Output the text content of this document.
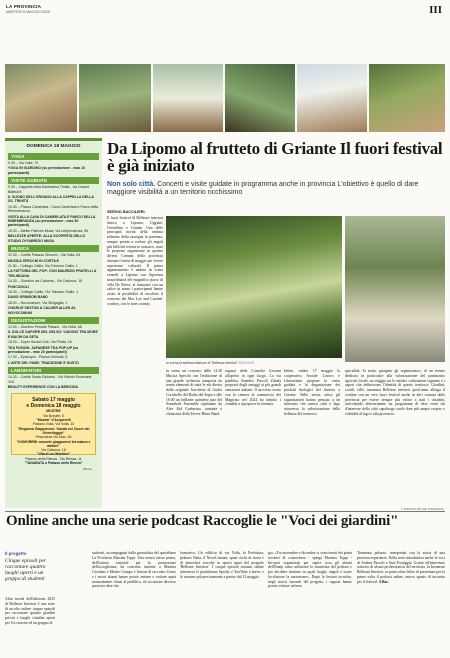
LA PROVINCIA
MARTEDÌ 6 MAGGIO 2025	III
DOMENICA 18 MAGGIO
YOGA
9.30 – Via Volta, 70
YOGA IN GIARDINO (su prenotazione - max 10 partecipanti)
VISITE GUIDATE
9.30 – Cappella della Santissima Trinità - via Cesare Battisti 8
IL SUONO DELL'ORGANO ALLA CAPPELLA DELLA SS. TRINITÀ
10.30 – Piazza Camerlata - Cava Camerlata e Parco della Rimembranza
VISITA ALLA CAVA DI CAMERLATA E PARCO DELLA RIMEMBRANZA (su prenotazione - max 30 partecipanti)
15.00 – Atelier Fabrizio Musa, Via Indipendenza, 55
BELLEZZE APERTE: ALLA SCOPERTA DELLO STUDIO DI FABRIZIO MUSA
MUSICA
10.30 – Cortile Palazzo Sbucchi - Via Volta, 84
MUSICA SPECCHI IN CORTILE
11.30 – Collegio Gallio: Via Tolomeo Gallio, 1
LA FATTORIA DEL POP: CON MAURIZIO PRATELLI & TIRLINDANA
14.30 – Giardino via Cadorna - Via Cadorna, 18
FUNCODOLI
16.30 – Collegio Gallio, Via Tolomeo Gallio, 1
DAVID GRIMSOM BAND
18.00 – Novocomum, Via Sinigaglia, 1
CHARLIE SEXTON & CALDER ALLEN AL NOVOCOMUM
DEGUSTAZIONI
12.00 – Giardino Persale Palazzi - Via Volta, 68
IL DOLCE SAPORE DEL GELSO: VIAGGIO TRA MORE E BACHI DA SETA
15.00 – Super Social Club, Via Pretta, 16
TEA FUSION: JAPANESE TEA POP-UP (su prenotazione - max 20 partecipanti)
17.00 – Episcopio - Piazza Grimoldi, 5
L'ARTE DEL PANE: TRADIZIONE E GUSTO
LABORATORI
14.30 – Cortile Santa Giuliana - Via Vittorio Emanuele, 104
BEAUTY EXPERIENCE CON LA BERICINA
Sabato 17 maggio
e Domenica 18 maggio
MOSTRE
Via Borsieri, 5
"Mostra" d'Acquerelli
Palazzo Volta, Via Volta, 10
"Eleganza Giapponese: Yukata nel Cuore del Gemellaggio"
Pinacoteca Via Diaz, 84
"KOMOREBI: armonie giapponesi tra natura e abitare"
Via Cadorna, 18
"Vita di un Giardino"
Palazzo della Rienza - Via Rienza, 11
"TANABATA a Palazzo della Rienza"
IBAnte
Da Lipomo al frutteto di Griante Il fuori festival è già iniziato
Non solo città. Concerti e visite guidate in programma anche in provincia L'obiettivo è quello di dare maggiore visibilità a un territorio ricchissimo
SERGIO BACCILIERI
Il fuori festival di Bellezze interiori sbarca a Lipomo, Uggiate, Cernobbio e Griante. Una delle principali novità della settima edizione della rassegna in partenza, sempre pronta a svelare gli angoli più belli del territorio comasco, sono le proposte organizzate in quattro diversi Comuni della provincia durante il mese di maggio per vivere esperienze culturali. Il primo appuntamento è andato in scena venerdì a Lipomo con l'apertura straordinaria del magnifico parco di villa De Rieva, al tramonto con un calice in mano i partecipanti hanno avuto la possibilità di ascoltare il concerto dei Mac Lee and Carmen' cowboy, con le note country.
In scena la settima edizione di "Bellezze interiori" ARCHIVIO
in scena un concerto delle 14.30 Musica Specchi con l'esibizione di una grande orchestra composta da trenta elementi di tutte le età diretta dalla originale bacchetta di Giulia Corichello del Badia del Sepia e alle 16.00 un brillante quintetto jazz del Senzabale Ensemble capitanato da Alex Kid Garbarino, cantante e chitarrista della Tevere Blues Band.
ragazzi della Consulta Giovani all'aperto in ogni luogo. La via pubblica Amedeo Pascoli Zabala proporrà degli omaggi ai più grandi cantautori italiani. Il successo avuto con la camera di commercio dei Magicato nel 2024 ha indotto i cittadini a riproporre la formula.
Infine, sabato 17 maggio la cooperativa Sociale Lavoro e Liberazione propone la visita guidata e la degustazione dei prodotti biologici del frutteto a Griante. Nella stessa ottica gli organizzatori hanno pensato a un itinerario che unisca città e lago attraverso la valorizzazione della bellezza del territorio.
specialità. Si tratta, spiegano gli organizzatori, di un evento dedicato in particolare alla valorizzazione del patrimonio agricolo locale, un viaggio tra le antiche coltivazioni vigneate e i sapori che definiscono l'identità di questo territorio. Giardini, cortili, ville, insomma Bellezze interiori quest'anno allarga il confine con un vero fuori festival anche in altri comuni della provincia per essere sempre più vicino a tutti i cittadini, arricchendo ulteriormente un programma di oltre venti siti d'interesse della città capoluogo vuole dare più ampio respiro e visibilità al lago e alla provincia.
© RIPRODUZIONE RISERVATA
Online anche una serie podcast Raccoglie le "Voci dei giardini"
Il progetto
Cinque episodi per raccontare quattro luoghi aperti e un gruppo di studenti
Altra novità dell'edizione 2025 di Bellezze Interiori è una serie di ascolto online: cinque episodi per raccontare quattro giardini privati e luoghi cittadini aperti per l'occasione ed un gruppo di
studenti, accompagnati dalla giornalista del quotidiano La Provincia Martina Toppi. Una nostra classe prima, dell'istituto tuttotele per la promozione dell'accoglienza, ha costruito insieme a Martina Giordani e Matteo Campo e lezioni di racconto Como e i nostri alunni hanno potuto entrare e visitare spazi normalmente chiusi al pubblico, ed occasione davvero preziosa oltre che
formativa. Un edificio di via Volta, la Prefettura, palazzo Natta, il NovoComum, spazi ricchi di storia e di atmosfera raccolte in questi spazi del progetto 'Bellezze Interiori'. I cinque episodi saranno online attraverso le piattaforme Spotify e YouTube a breve, e lo saranno più precisamente a partire dal 12 maggio.
gia. «Tra novembre e dicembre ci sono tenuti dei primi incontri di conoscenza - spiega Martina Toppi - Incontri organizzati per capire cosa gli alunni dell'Enaip come utilizzare lo strumento del podcast e per decidere insieme su quali luoghi, angoli e storie focalizzare la narrazione». Dopo le lezioni tecniche, negli storici incontri del progetto, i ragazzi hanno potuto visitare un'area
Tommaso palazzo, interpretati con la storia di una preziosa esperienza. Nella serie introduttiva anche le voci di Andrea Pascoli e Sara Pontiggia. Grazie all'intervento artistico di alcuni professionisti del territorio, la kermesse Bellezze Interiori, in particolare felice di presentare per la prima volta il podcast online, nuovo spazio di incontro per il festival. S.Bac.
